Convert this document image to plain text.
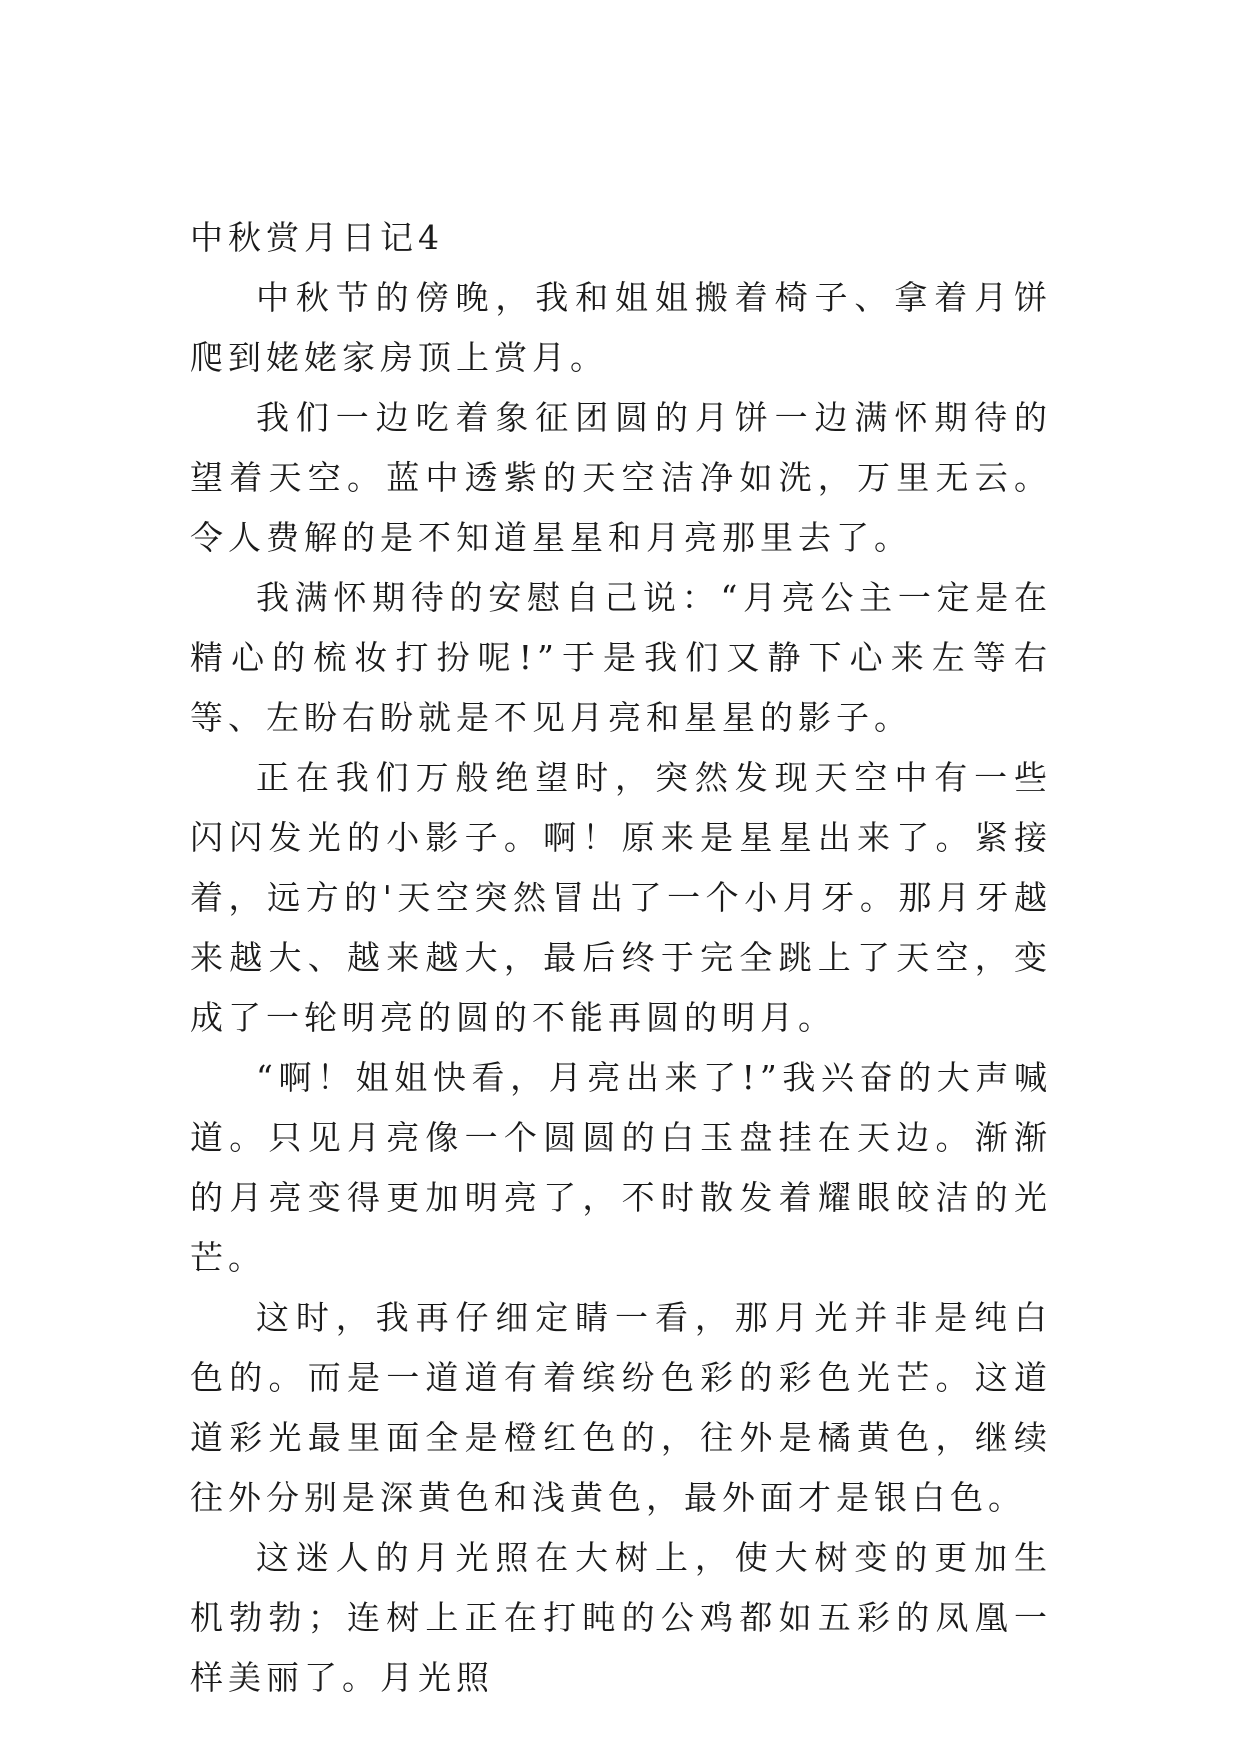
中秋赏月日记4

中秋节的傍晚，我和姐姐搬着椅子、拿着月饼爬到姥姥家房顶上赏月。

我们一边吃着象征团圆的月饼一边满怀期待的望着天空。蓝中透紫的天空洁净如洗，万里无云。令人费解的是不知道星星和月亮那里去了。

我满怀期待的安慰自己说：“月亮公主一定是在精心的梳妆打扮呢!”于是我们又静下心来左等右等、左盼右盼就是不见月亮和星星的影子。

正在我们万般绝望时，突然发现天空中有一些闪闪发光的小影子。啊！原来是星星出来了。紧接着，远方的'天空突然冒出了一个小月牙。那月牙越来越大、越来越大，最后终于完全跳上了天空，变成了一轮明亮的圆的不能再圆的明月。

“啊！姐姐快看，月亮出来了!”我兴奋的大声喊道。只见月亮像一个圆圆的白玉盘挂在天边。渐渐的月亮变得更加明亮了，不时散发着耀眼皎洁的光芒。

这时，我再仔细定睛一看，那月光并非是纯白色的。而是一道道有着缤纷色彩的彩色光芒。这道道彩光最里面全是橙红色的，往外是橘黄色，继续往外分别是深黄色和浅黄色，最外面才是银白色。

这迷人的月光照在大树上，使大树变的更加生机勃勃；连树上正在打盹的公鸡都如五彩的凤凰一样美丽了。月光照
